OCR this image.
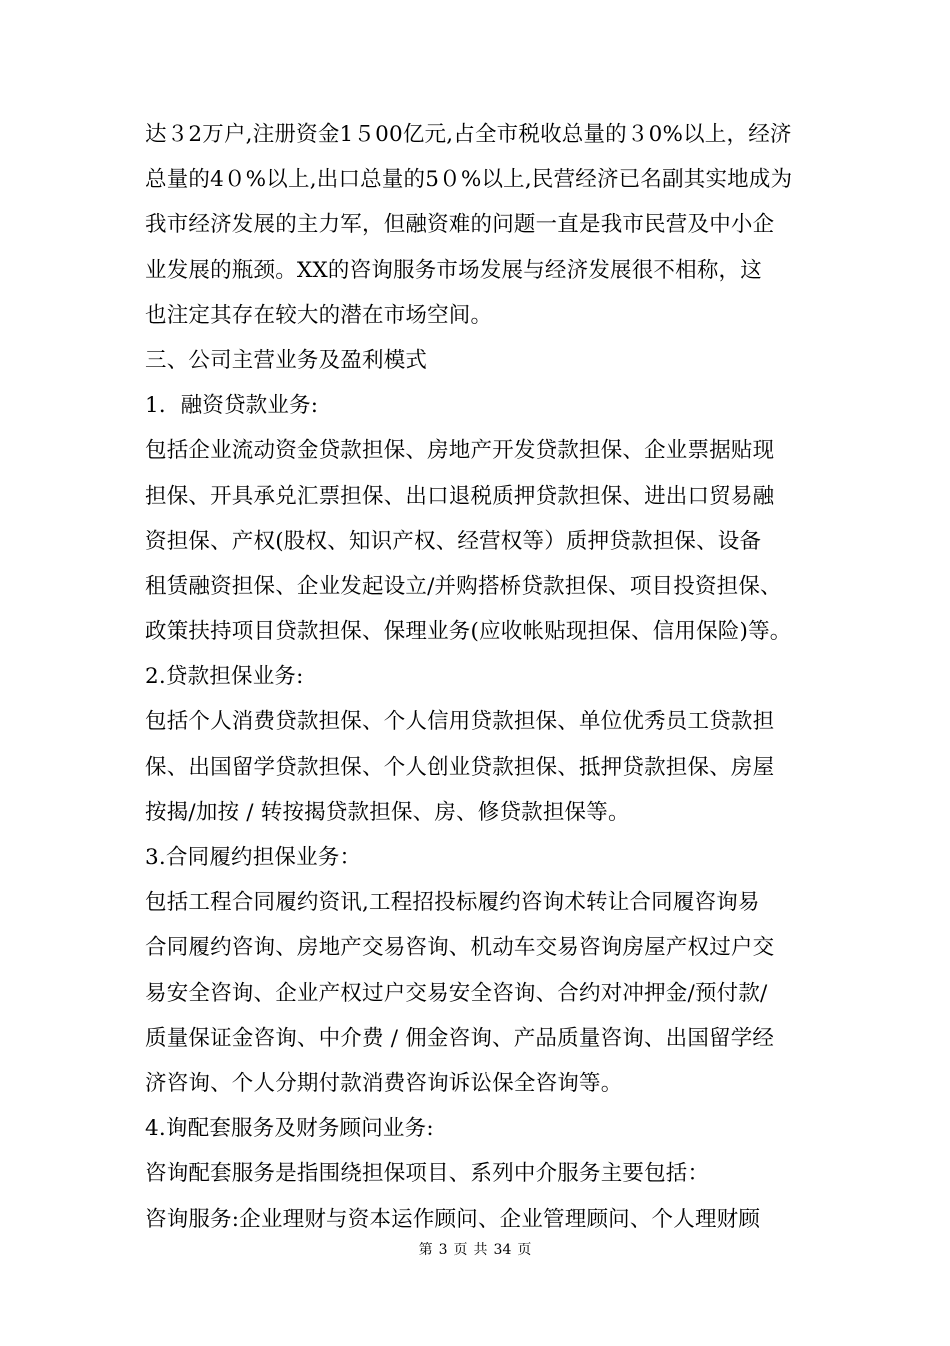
达３2万户,注册资金1５00亿元,占全市税收总量的３0%以上，经济
总量的4０%以上,出口总量的5０%以上,民营经济已名副其实地成为
我市经济发展的主力军，但融资难的问题一直是我市民营及中小企
业发展的瓶颈。XX的咨询服务市场发展与经济发展很不相称，这
也注定其存在较大的潜在市场空间。
三、公司主营业务及盈利模式
1．融资贷款业务:
包括企业流动资金贷款担保、房地产开发贷款担保、企业票据贴现
担保、开具承兑汇票担保、出口退税质押贷款担保、进出口贸易融
资担保、产权(股权、知识产权、经营权等）质押贷款担保、设备
租赁融资担保、企业发起设立/并购搭桥贷款担保、项目投资担保、
政策扶持项目贷款担保、保理业务(应收帐贴现担保、信用保险)等。
2.贷款担保业务:
包括个人消费贷款担保、个人信用贷款担保、单位优秀员工贷款担
保、出国留学贷款担保、个人创业贷款担保、抵押贷款担保、房屋
按揭/加按 / 转按揭贷款担保、房、修贷款担保等。
3.合同履约担保业务：
包括工程合同履约资讯,工程招投标履约咨询术转让合同履咨询易
合同履约咨询、房地产交易咨询、机动车交易咨询房屋产权过户交
易安全咨询、企业产权过户交易安全咨询、合约对冲押金/预付款/
质量保证金咨询、中介费 / 佣金咨询、产品质量咨询、出国留学经
济咨询、个人分期付款消费咨询诉讼保全咨询等。
4.询配套服务及财务顾问业务:
咨询配套服务是指围绕担保项目、系列中介服务主要包括：
咨询服务:企业理财与资本运作顾问、企业管理顾问、个人理财顾
第 3 页 共 34 页
